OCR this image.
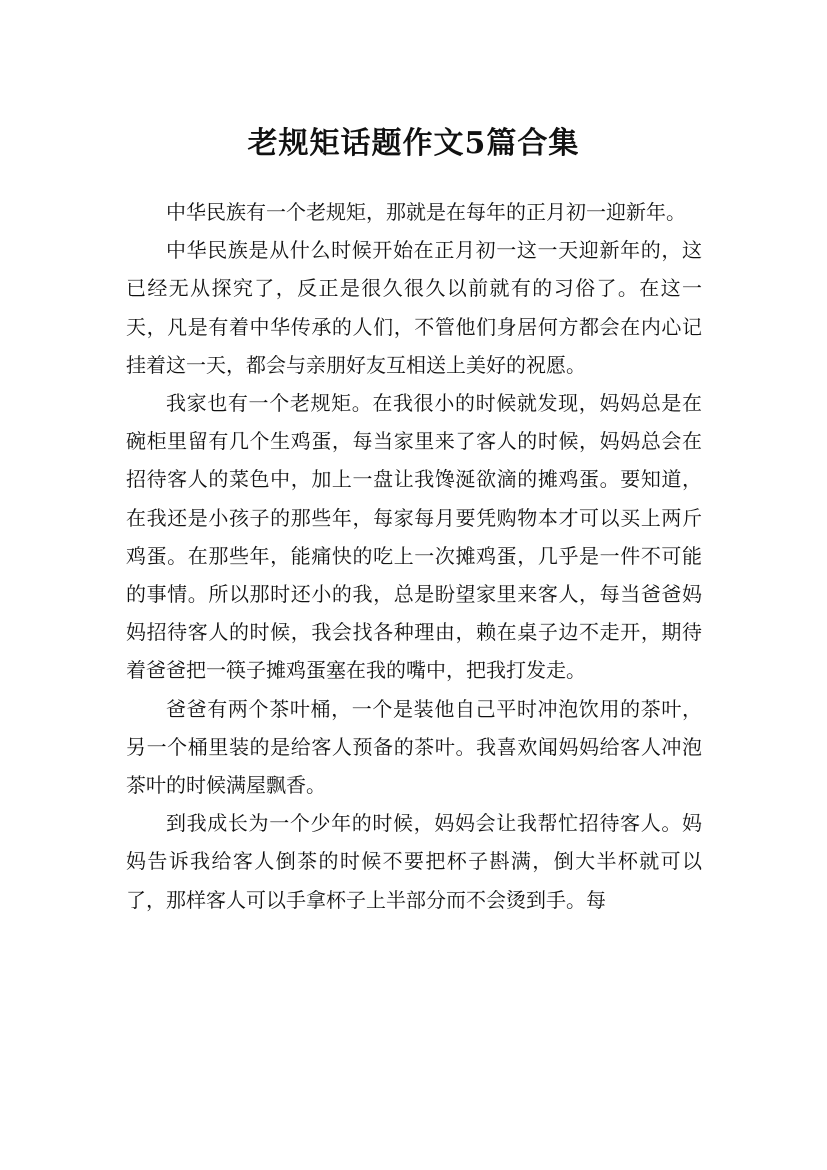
老规矩话题作文5篇合集

中华民族有一个老规矩，那就是在每年的正月初一迎新年。

中华民族是从什么时候开始在正月初一这一天迎新年的，这已经无从探究了，反正是很久很久以前就有的习俗了。在这一天，凡是有着中华传承的人们，不管他们身居何方都会在内心记挂着这一天，都会与亲朋好友互相送上美好的祝愿。

我家也有一个老规矩。在我很小的时候就发现，妈妈总是在碗柜里留有几个生鸡蛋，每当家里来了客人的时候，妈妈总会在招待客人的菜色中，加上一盘让我馋涎欲滴的摊鸡蛋。要知道，在我还是小孩子的那些年，每家每月要凭购物本才可以买上两斤鸡蛋。在那些年，能痛快的吃上一次摊鸡蛋，几乎是一件不可能的事情。所以那时还小的我，总是盼望家里来客人，每当爸爸妈妈招待客人的时候，我会找各种理由，赖在桌子边不走开，期待着爸爸把一筷子摊鸡蛋塞在我的嘴中，把我打发走。

爸爸有两个茶叶桶，一个是装他自己平时冲泡饮用的茶叶，另一个桶里装的是给客人预备的茶叶。我喜欢闻妈妈给客人冲泡茶叶的时候满屋飘香。

到我成长为一个少年的时候，妈妈会让我帮忙招待客人。妈妈告诉我给客人倒茶的时候不要把杯子斟满，倒大半杯就可以了，那样客人可以手拿杯子上半部分而不会烫到手。每
